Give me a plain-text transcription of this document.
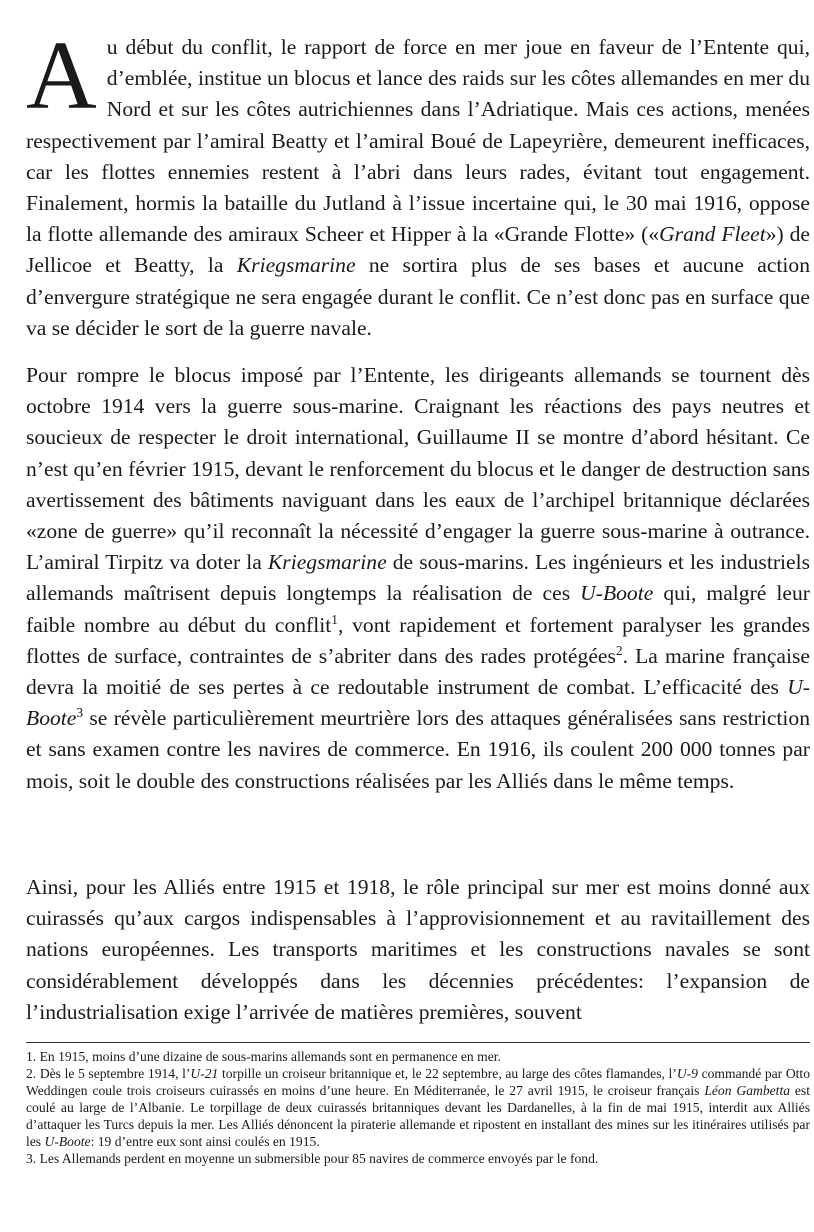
Au début du conflit, le rapport de force en mer joue en faveur de l’Entente qui, d’emblée, institue un blocus et lance des raids sur les côtes allemandes en mer du Nord et sur les côtes autrichiennes dans l’Adriatique. Mais ces actions, menées respectivement par l’amiral Beatty et l’amiral Boué de Lapeyrière, demeurent inefficaces, car les flottes ennemies restent à l’abri dans leurs rades, évitant tout engagement. Finalement, hormis la bataille du Jutland à l’issue incertaine qui, le 30 mai 1916, oppose la flotte allemande des amiraux Scheer et Hipper à la «Grande Flotte» («Grand Fleet») de Jellicoe et Beatty, la Kriegsmarine ne sortira plus de ses bases et aucune action d’envergure stratégique ne sera engagée durant le conflit. Ce n’est donc pas en surface que va se décider le sort de la guerre navale.

Pour rompre le blocus imposé par l’Entente, les dirigeants allemands se tournent dès octobre 1914 vers la guerre sous-marine. Craignant les réactions des pays neutres et soucieux de respecter le droit international, Guillaume II se montre d’abord hésitant. Ce n’est qu’en février 1915, devant le renforcement du blocus et le danger de destruction sans avertissement des bâtiments naviguant dans les eaux de l’archipel britannique déclarées «zone de guerre» qu’il reconnaît la nécessité d’engager la guerre sous-marine à outrance. L’amiral Tirpitz va doter la Kriegsmarine de sous-marins. Les ingénieurs et les industriels allemands maîtrisent depuis longtemps la réalisation de ces U-Boote qui, malgré leur faible nombre au début du conflit$^1$, vont rapidement et fortement paralyser les grandes flottes de surface, contraintes de s’abriter dans des rades protégées$^2$. La marine française devra la moitié de ses pertes à ce redoutable instrument de combat. L’efficacité des U-Boote$^3$ se révèle particulièrement meurtrière lors des attaques généralisées sans restriction et sans examen contre les navires de commerce. En 1916, ils coulent 200 000 tonnes par mois, soit le double des constructions réalisées par les Alliés dans le même temps.

Ainsi, pour les Alliés entre 1915 et 1918, le rôle principal sur mer est moins donné aux cuirassés qu’aux cargos indispensables à l’approvisionnement et au ravitaillement des nations européennes. Les transports maritimes et les constructions navales se sont considérablement développés dans les décennies précédentes: l’expansion de l’industrialisation exige l’arrivée de matières premières, souvent

1. En 1915, moins d’une dizaine de sous-marins allemands sont en permanence en mer.

2. Dès le 5 septembre 1914, l’U-21 torpille un croiseur britannique et, le 22 septembre, au large des côtes flamandes, l’U-9 commandé par Otto Weddingen coule trois croiseurs cuirassés en moins d’une heure. En Méditerranée, le 27 avril 1915, le croiseur français Léon Gambetta est coulé au large de l’Albanie. Le torpillage de deux cuirassés britanniques devant les Dardanelles, à la fin de mai 1915, interdit aux Alliés d’attaquer les Turcs depuis la mer. Les Alliés dénoncent la piraterie allemande et ripostent en installant des mines sur les itinéraires utilisés par les U-Boote: 19 d’entre eux sont ainsi coulés en 1915.

3. Les Allemands perdent en moyenne un submersible pour 85 navires de commerce envoyés par le fond.
